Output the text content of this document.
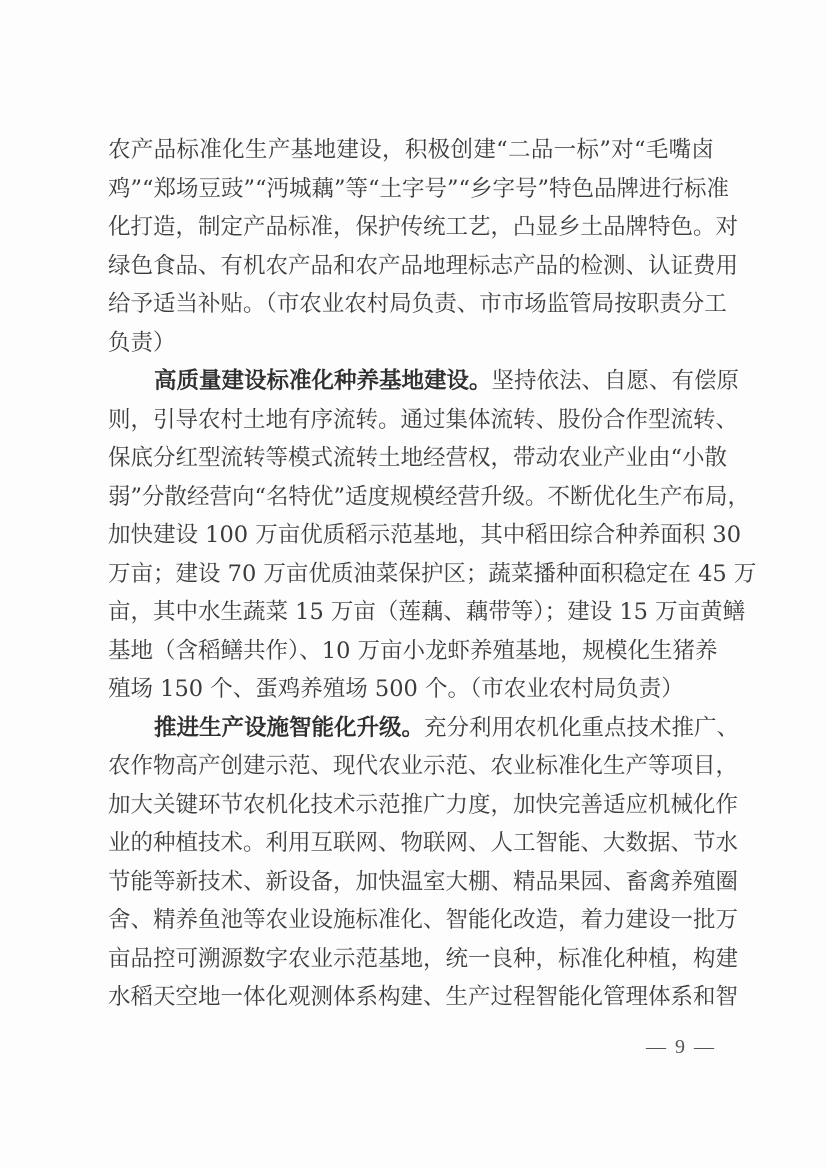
农产品标准化生产基地建设，积极创建“二品一标”对“毛嘴卤
鸡”“郑场豆豉”“沔城藕”等“土字号”“乡字号”特色品牌进行标准
化打造，制定产品标准，保护传统工艺，凸显乡土品牌特色。对
绿色食品、有机农产品和农产品地理标志产品的检测、认证费用
给予适当补贴。（市农业农村局负责、市市场监管局按职责分工
负责）
高质量建设标准化种养基地建设。坚持依法、自愿、有偿原
则，引导农村土地有序流转。通过集体流转、股份合作型流转、
保底分红型流转等模式流转土地经营权，带动农业产业由“小散
弱”分散经营向“名特优”适度规模经营升级。不断优化生产布局，
加快建设 100 万亩优质稻示范基地，其中稻田综合种养面积 30
万亩；建设 70 万亩优质油菜保护区；蔬菜播种面积稳定在 45 万
亩，其中水生蔬菜 15 万亩（莲藕、藕带等）；建设 15 万亩黄鳝
基地（含稻鳝共作）、10 万亩小龙虾养殖基地，规模化生猪养
殖场 150 个、蛋鸡养殖场 500 个。（市农业农村局负责）
推进生产设施智能化升级。充分利用农机化重点技术推广、
农作物高产创建示范、现代农业示范、农业标准化生产等项目，
加大关键环节农机化技术示范推广力度，加快完善适应机械化作
业的种植技术。利用互联网、物联网、人工智能、大数据、节水
节能等新技术、新设备，加快温室大棚、精品果园、畜禽养殖圈
舍、精养鱼池等农业设施标准化、智能化改造，着力建设一批万
亩品控可溯源数字农业示范基地，统一良种，标准化种植，构建
水稻天空地一体化观测体系构建、生产过程智能化管理体系和智
— 9 —
